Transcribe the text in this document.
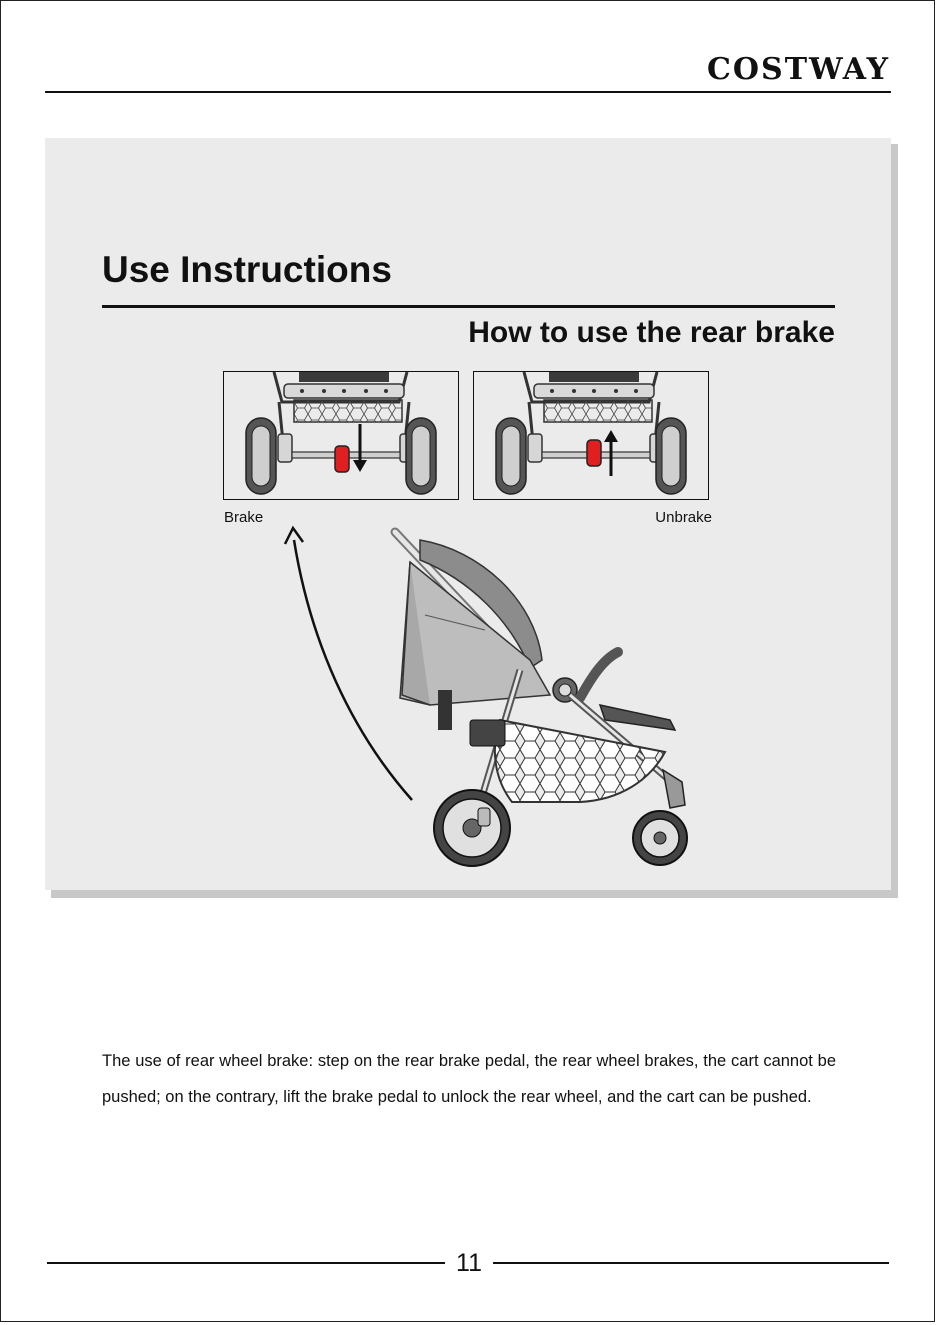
COSTWAY
Use Instructions
How to use the rear brake
Brake	Unbrake

The use of rear wheel brake: step on the rear brake pedal, the rear wheel brakes, the cart cannot be pushed; on the contrary, lift the brake pedal to unlock the rear wheel, and the cart can be pushed.

11
